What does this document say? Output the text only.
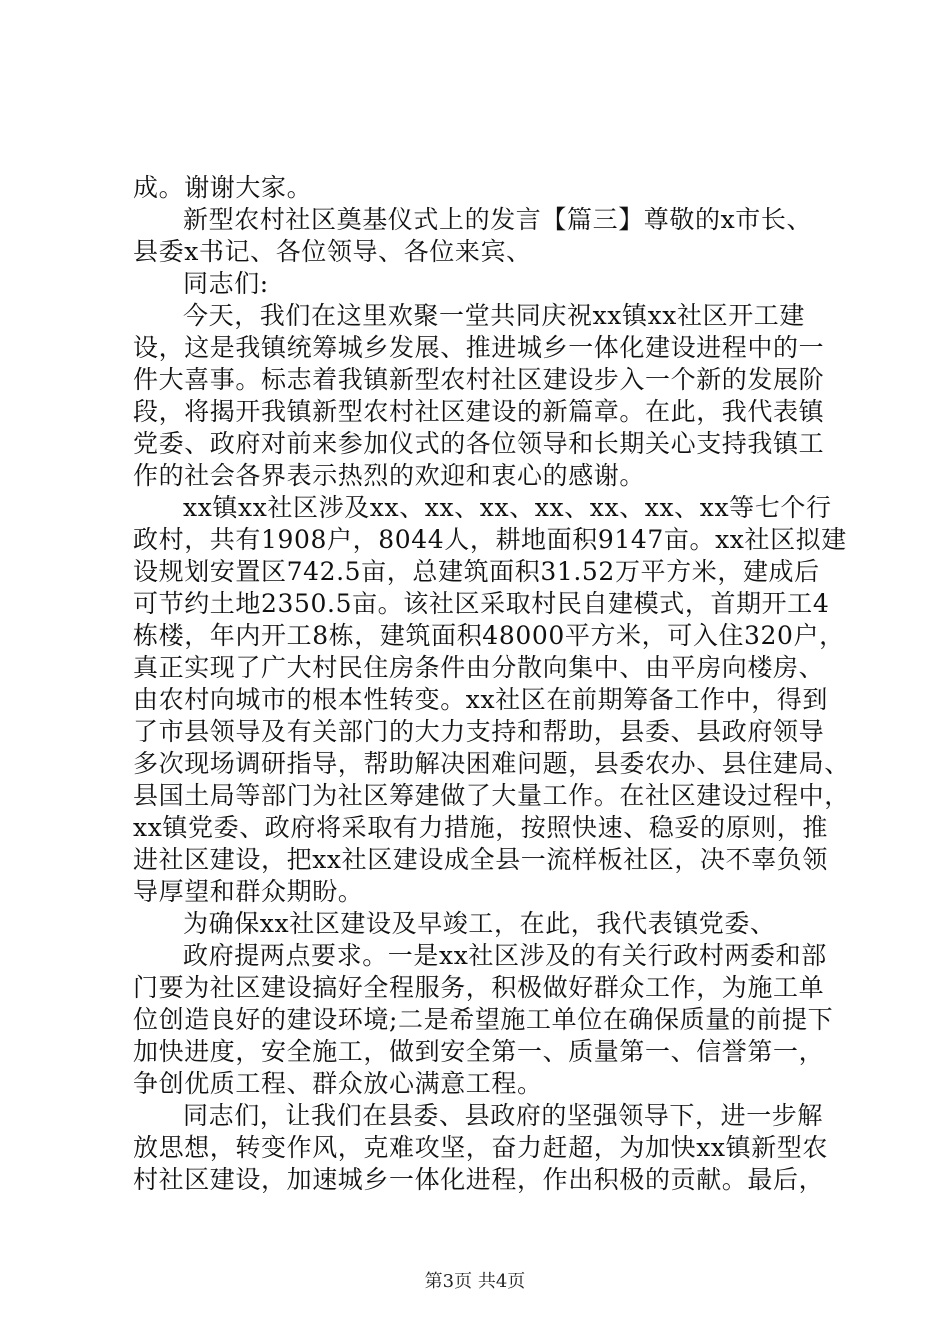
成。谢谢大家。
新型农村社区奠基仪式上的发言【篇三】尊敬的x市长、
县委x书记、各位领导、各位来宾、
同志们:
今天，我们在这里欢聚一堂共同庆祝xx镇xx社区开工建
设，这是我镇统筹城乡发展、推进城乡一体化建设进程中的一
件大喜事。标志着我镇新型农村社区建设步入一个新的发展阶
段，将揭开我镇新型农村社区建设的新篇章。在此，我代表镇
党委、政府对前来参加仪式的各位领导和长期关心支持我镇工
作的社会各界表示热烈的欢迎和衷心的感谢。
xx镇xx社区涉及xx、xx、xx、xx、xx、xx、xx等七个行
政村，共有1908户，8044人，耕地面积9147亩。xx社区拟建
设规划安置区742.5亩，总建筑面积31.52万平方米，建成后
可节约土地2350.5亩。该社区采取村民自建模式，首期开工4
栋楼，年内开工8栋，建筑面积48000平方米，可入住320户，
真正实现了广大村民住房条件由分散向集中、由平房向楼房、
由农村向城市的根本性转变。xx社区在前期筹备工作中，得到
了市县领导及有关部门的大力支持和帮助，县委、县政府领导
多次现场调研指导，帮助解决困难问题，县委农办、县住建局、
县国土局等部门为社区筹建做了大量工作。在社区建设过程中，
xx镇党委、政府将采取有力措施，按照快速、稳妥的原则，推
进社区建设，把xx社区建设成全县一流样板社区，决不辜负领
导厚望和群众期盼。
为确保xx社区建设及早竣工，在此，我代表镇党委、
政府提两点要求。一是xx社区涉及的有关行政村两委和部
门要为社区建设搞好全程服务，积极做好群众工作，为施工单
位创造良好的建设环境;二是希望施工单位在确保质量的前提下
加快进度，安全施工，做到安全第一、质量第一、信誉第一，
争创优质工程、群众放心满意工程。
同志们，让我们在县委、县政府的坚强领导下，进一步解
放思想，转变作风，克难攻坚，奋力赶超，为加快xx镇新型农
村社区建设，加速城乡一体化进程，作出积极的贡献。最后，
第3页 共4页
